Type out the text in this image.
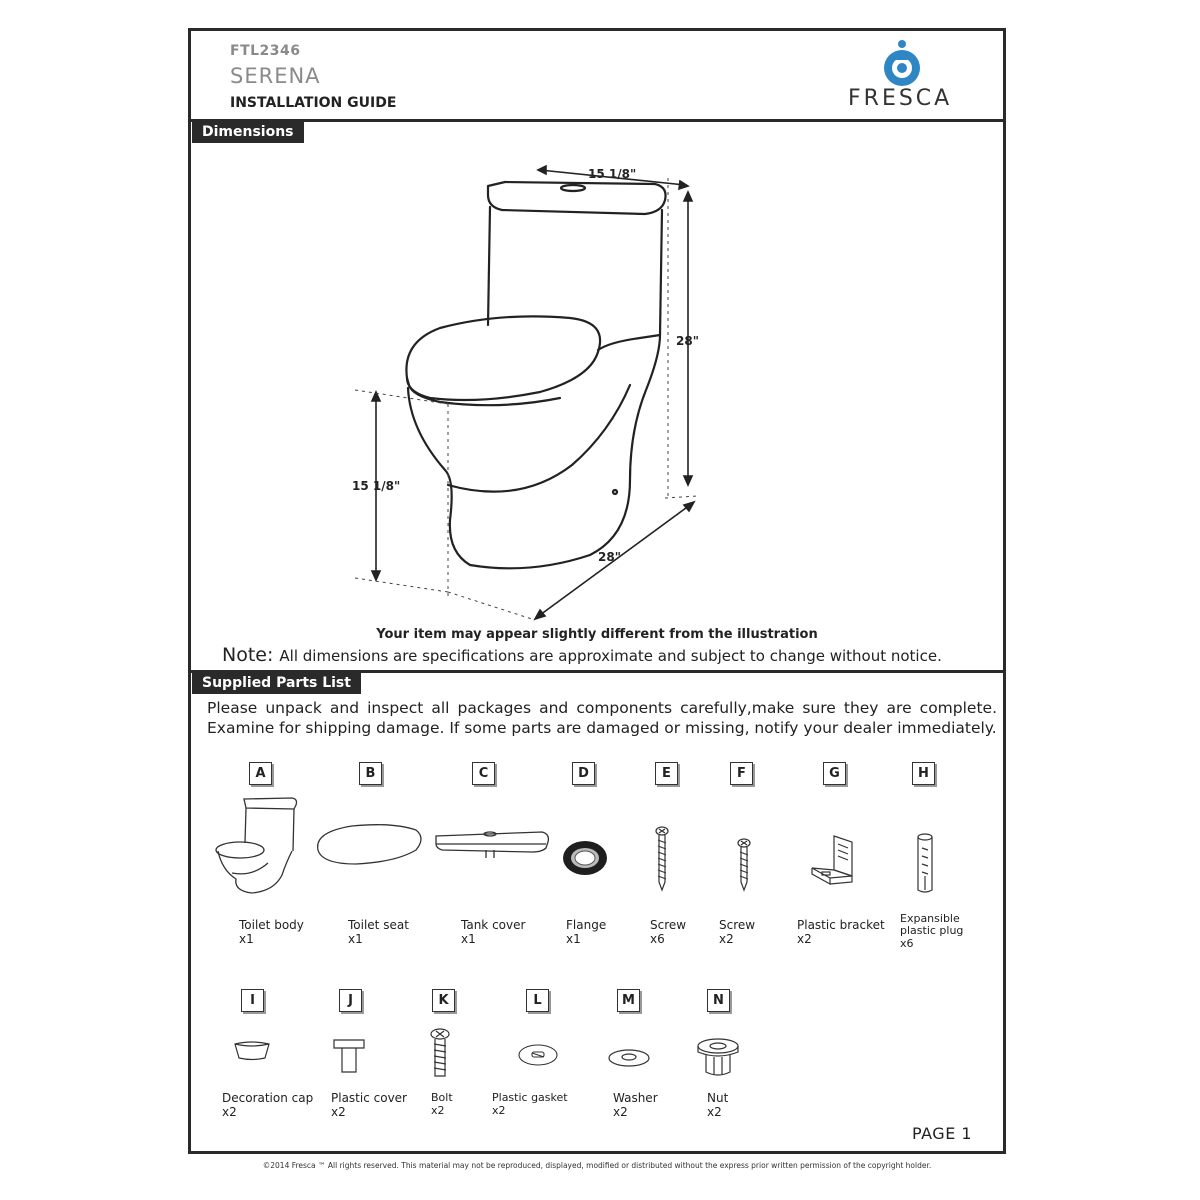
FTL2346
SERENA
INSTALLATION GUIDE	FRESCA
Dimensions
15 1/8"
28"
15 1/8"
28"
Your item may appear slightly different from the illustration
Note: All dimensions are specifications are approximate and subject to change without notice.
Supplied Parts List
Please unpack and inspect all packages and components carefully,make sure they are complete. Examine for shipping damage. If some parts are damaged or missing, notify your dealer immediately.
A
Toilet body
x1
B
Toilet seat
x1
C
Tank cover
x1
D
Flange
x1
E
Screw
x6
F
Screw
x2
G
Plastic bracket
x2
H
Expansible plastic plug
x6
I
Decoration cap
x2
J
Plastic cover
x2
K
Bolt
x2
L
Plastic gasket
x2
M
Washer
x2
N
Nut
x2
PAGE 1
©2014 Fresca ™ All rights reserved. This material may not be reproduced, displayed, modified or distributed without the express prior written permission of the copyright holder.
